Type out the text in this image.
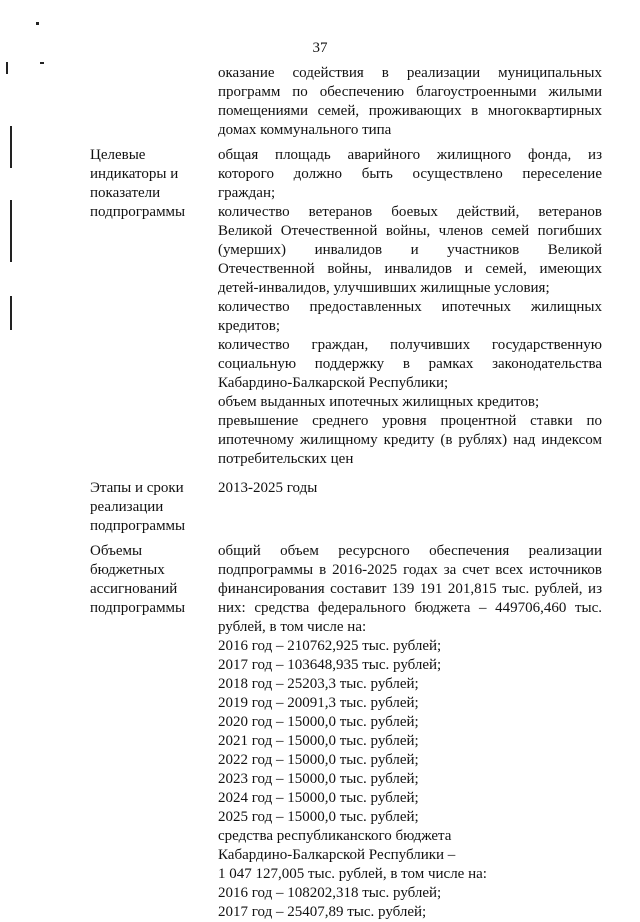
37
оказание содействия в реализации муниципальных
программ по обеспечению благоустроенными жилыми
помещениями семей, проживающих в многоквартирных
домах коммунального типа
Целевые
индикаторы и
показатели
подпрограммы
общая площадь аварийного жилищного фонда, из
которого должно быть осуществлено переселение
граждан;
количество ветеранов боевых действий, ветеранов
Великой Отечественной войны, членов семей погибших
(умерших) инвалидов и участников Великой
Отечественной войны, инвалидов и семей, имеющих
детей-инвалидов, улучшивших жилищные условия;
количество предоставленных ипотечных жилищных
кредитов;
количество граждан, получивших государственную
социальную поддержку в рамках законодательства
Кабардино-Балкарской Республики;
объем выданных ипотечных жилищных кредитов;
превышение среднего уровня процентной ставки по
ипотечному жилищному кредиту (в рублях) над индексом
потребительских цен
Этапы и сроки
реализации
подпрограммы
2013-2025 годы
Объемы
бюджетных
ассигнований
подпрограммы
общий объем ресурсного обеспечения реализации
подпрограммы в 2016-2025 годах за счет всех источников
финансирования составит 139 191 201,815 тыс. рублей, из
них: средства федерального бюджета – 449706,460 тыс.
рублей, в том числе на:
2016 год – 210762,925 тыс. рублей;
2017 год – 103648,935 тыс. рублей;
2018 год – 25203,3 тыс. рублей;
2019 год – 20091,3 тыс. рублей;
2020 год – 15000,0 тыс. рублей;
2021 год – 15000,0 тыс. рублей;
2022 год – 15000,0 тыс. рублей;
2023 год – 15000,0 тыс. рублей;
2024 год – 15000,0 тыс. рублей;
2025 год – 15000,0 тыс. рублей;
средства республиканского бюджета
Кабардино-Балкарской Республики –
1 047 127,005 тыс. рублей, в том числе на:
2016 год – 108202,318 тыс. рублей;
2017 год – 25407,89 тыс. рублей;
